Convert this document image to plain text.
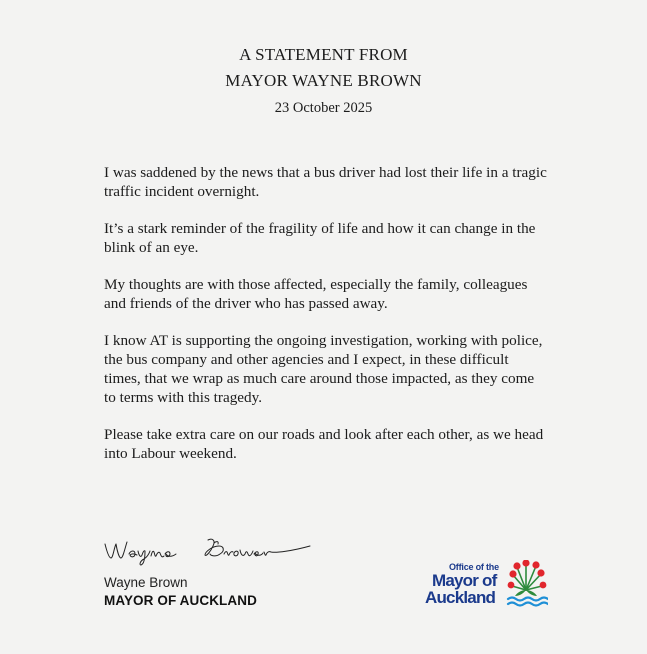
A STATEMENT FROM
MAYOR WAYNE BROWN
23 October 2025

I was saddened by the news that a bus driver had lost their life in a tragic traffic incident overnight.

It’s a stark reminder of the fragility of life and how it can change in the blink of an eye.

My thoughts are with those affected, especially the family, colleagues and friends of the driver who has passed away.

I know AT is supporting the ongoing investigation, working with police, the bus company and other agencies and I expect, in these difficult times, that we wrap as much care around those impacted, as they come to terms with this tragedy.

Please take extra care on our roads and look after each other, as we head into Labour weekend.

Wayne Brown
MAYOR OF AUCKLAND
Office of the
Mayor of
Auckland
